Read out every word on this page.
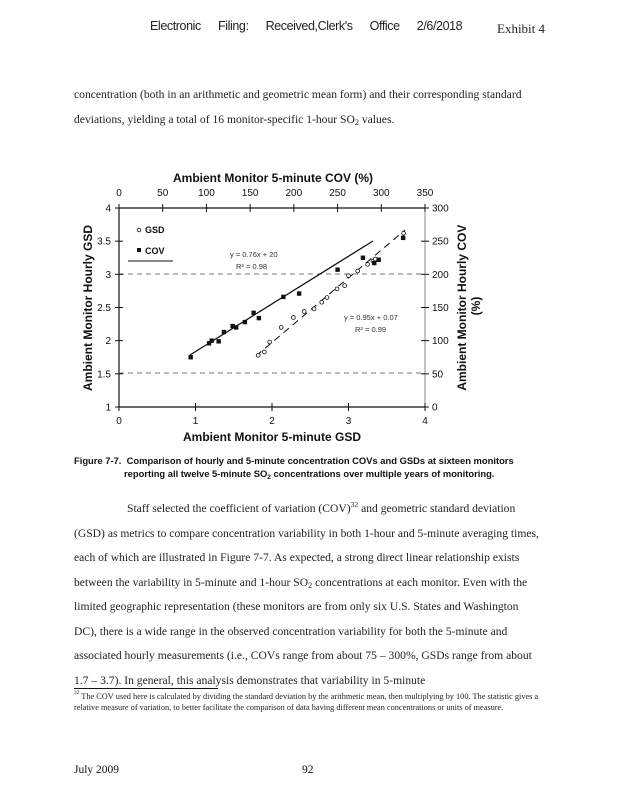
Electronic Filing: Received,Clerk's Office 2/6/2018	Exhibit 4
concentration (both in an arithmetic and geometric mean form) and their corresponding standard
deviations, yielding a total of 16 monitor-specific 1-hour $SO_2$ values.
Ambient Monitor 5-minute COV (%)
0	50	100	150	200	250	300	350
0	1	2	3	4
1
1.5
2
2.5
3
3.5
4
0
50
100
150
200
250
300
Ambient Monitor Hourly GSD	Ambient Monitor Hourly COV (%)
Ambient Monitor 5-minute GSD
GSD
COV	y = 0.76x + 20
R² = 0.98
y = 0.95x + 0.07
R² = 0.99
Figure 7-7. Comparison of hourly and 5-minute concentration COVs and GSDs at sixteen monitors reporting all twelve 5-minute $SO_2$ concentrations over multiple years of monitoring.
Staff selected the coefficient of variation (COV)$^{32}$ and geometric standard deviation (GSD) as metrics to compare concentration variability in both 1-hour and 5-minute averaging times, each of which are illustrated in Figure 7-7. As expected, a strong direct linear relationship exists between the variability in 5-minute and 1-hour $SO_2$ concentrations at each monitor. Even with the limited geographic representation (these monitors are from only six U.S. States and Washington DC), there is a wide range in the observed concentration variability for both the 5-minute and associated hourly measurements (i.e., COVs range from about 75 – 300%, GSDs range from about 1.7 – 3.7). In general, this analysis demonstrates that variability in 5-minute
$^{32}$ The COV used here is calculated by dividing the standard deviation by the arithmetic mean, then multiplying by 100. The statistic gives a relative measure of variation, to better facilitate the comparison of data having different mean concentrations or units of measure.
July 2009	92
